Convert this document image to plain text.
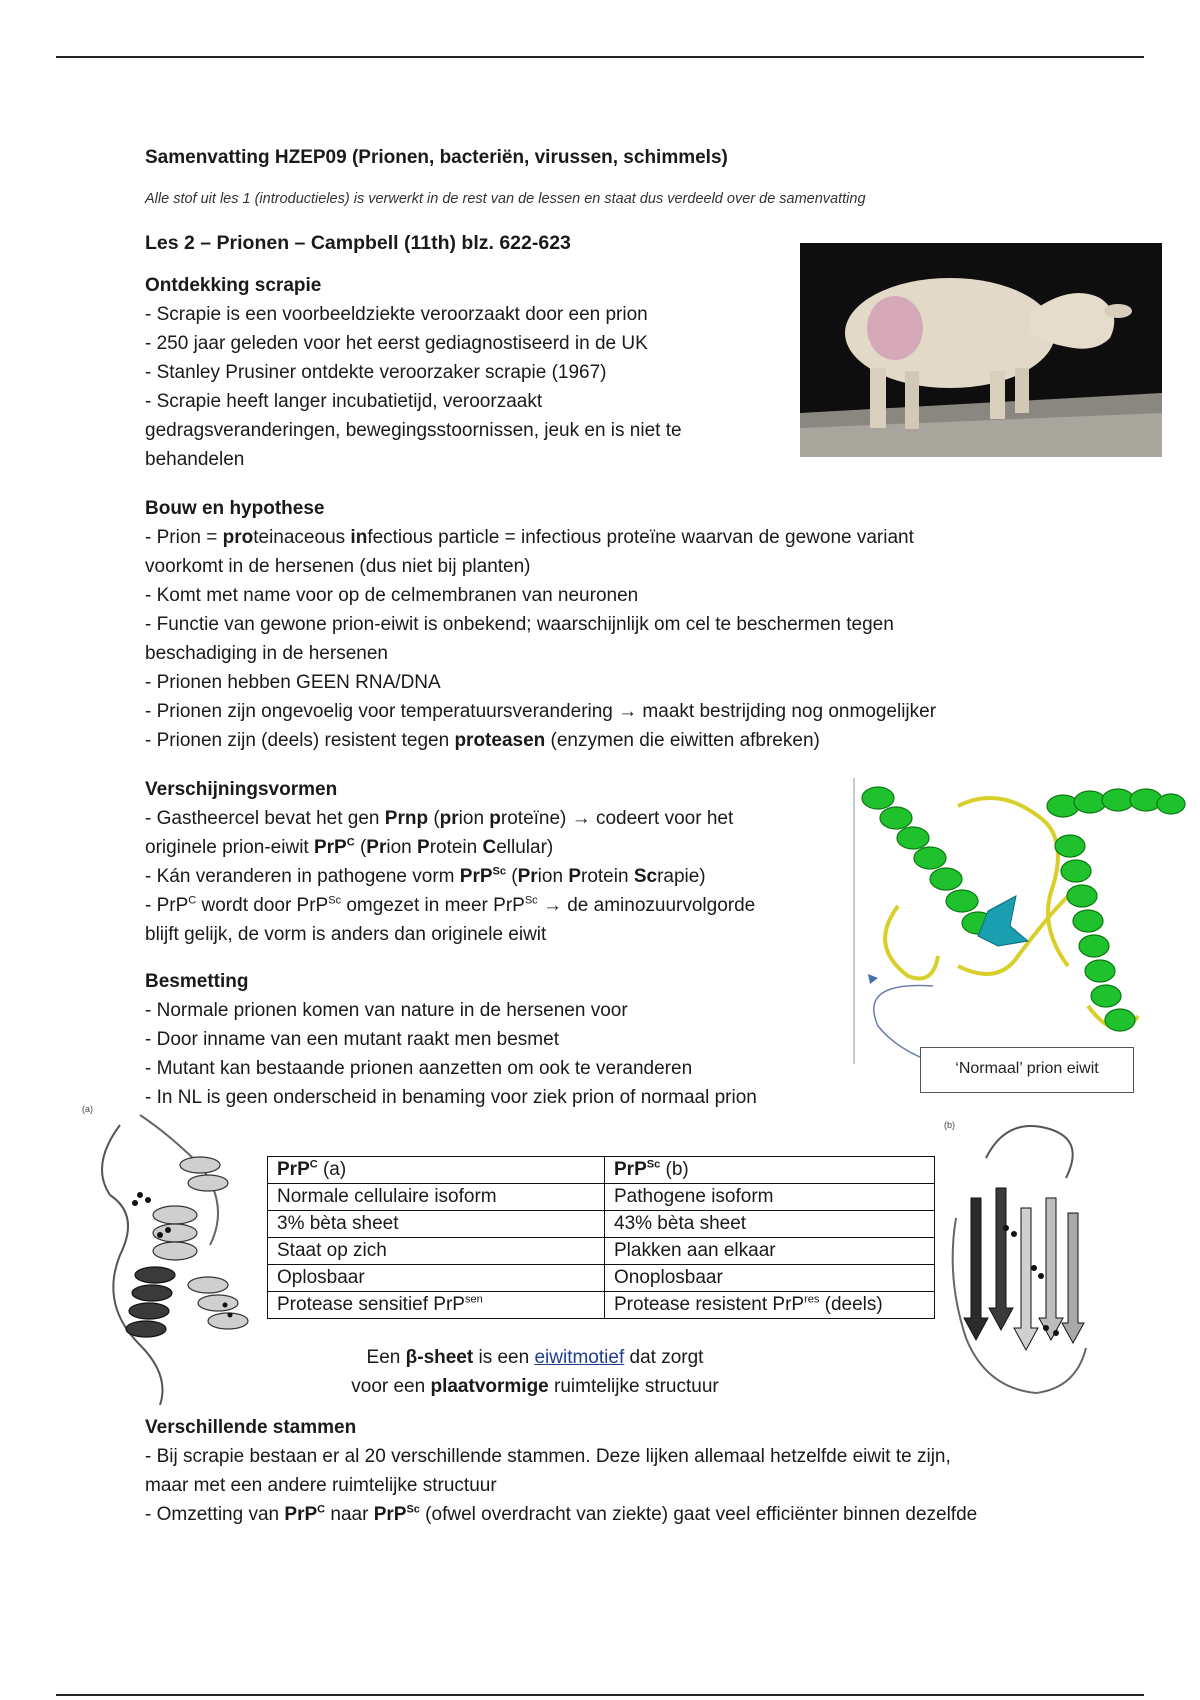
Samenvatting HZEP09 (Prionen, bacteriën, virussen, schimmels)
Alle stof uit les 1 (introductieles) is verwerkt in de rest van de lessen en staat dus verdeeld over de samenvatting
Les 2 – Prionen – Campbell (11th) blz. 622-623
Ontdekking scrapie

- Scrapie is een voorbeeldziekte veroorzaakt door een prion

- 250 jaar geleden voor het eerst gediagnostiseerd in de UK

- Stanley Prusiner ontdekte veroorzaker scrapie (1967)

- Scrapie heeft langer incubatietijd, veroorzaakt

gedragsveranderingen, bewegingsstoornissen, jeuk en is niet te

behandelen

Bouw en hypothese

- Prion = proteinaceous infectious particle = infectious proteïne waarvan de gewone variant

voorkomt in de hersenen (dus niet bij planten)

- Komt met name voor op de celmembranen van neuronen

- Functie van gewone prion-eiwit is onbekend; waarschijnlijk om cel te beschermen tegen

beschadiging in de hersenen

- Prionen hebben GEEN RNA/DNA

- Prionen zijn ongevoelig voor temperatuursverandering → maakt bestrijding nog onmogelijker

- Prionen zijn (deels) resistent tegen proteasen (enzymen die eiwitten afbreken)

Verschijningsvormen

- Gastheercel bevat het gen Prnp (prion proteïne) → codeert voor het

originele prion-eiwit PrP$^C$ (Prion Protein Cellular)

- Kán veranderen in pathogene vorm PrP$^{Sc}$ (Prion Protein Scrapie)

- PrP$^C$ wordt door PrP$^{Sc}$ omgezet in meer PrP$^{Sc}$ → de aminozuurvolgorde

blijft gelijk, de vorm is anders dan originele eiwit

‘Normaal’ prion eiwit
Besmetting

- Normale prionen komen van nature in de hersenen voor

- Door inname van een mutant raakt men besmet

- Mutant kan bestaande prionen aanzetten om ook te veranderen

- In NL is geen onderscheid in benaming voor ziek prion of normaal prion

(a)
PrP$^C$ (a)	PrP$^{Sc}$ (b)
Normale cellulaire isoform	Pathogene isoform
3% bèta sheet	43% bèta sheet
Staat op zich	Plakken aan elkaar
Oplosbaar	Onoplosbaar
Protease sensitief PrP$^{sen}$	Protease resistent PrP$^{res}$ (deels)
(b)
Een β-sheet is een eiwitmotief dat zorgt
voor een plaatvormige ruimtelijke structuur
Verschillende stammen

- Bij scrapie bestaan er al 20 verschillende stammen. Deze lijken allemaal hetzelfde eiwit te zijn,

maar met een andere ruimtelijke structuur

- Omzetting van PrP$^C$ naar PrP$^{Sc}$ (ofwel overdracht van ziekte) gaat veel efficiënter binnen dezelfde
